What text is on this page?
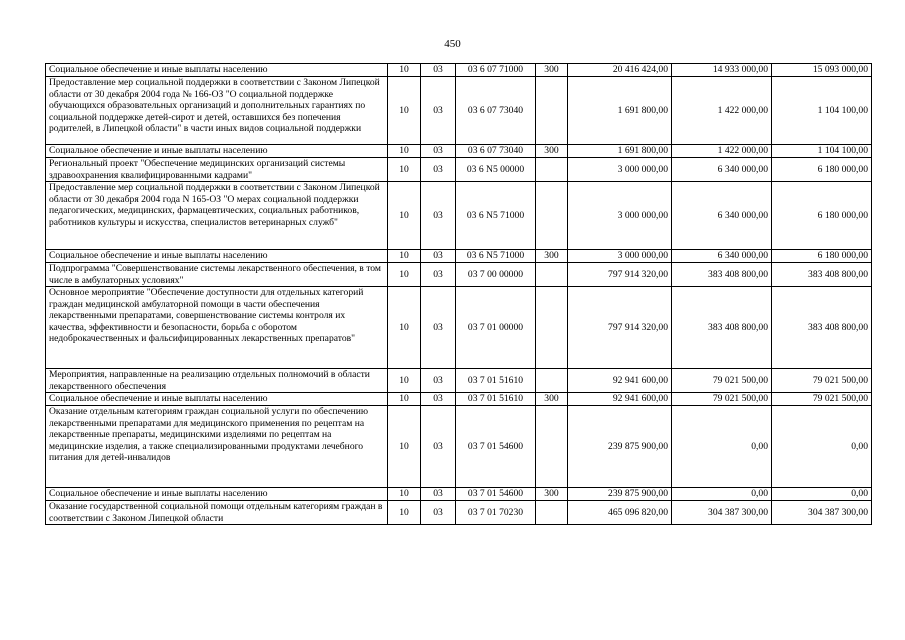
450
Социальное обеспечение и иные выплаты населению	10	03	03 6 07 71000	300	20 416 424,00	14 933 000,00	15 093 000,00
Предоставление мер социальной поддержки в соответствии с Законом Липецкой области от 30 декабря 2004 года № 166-ОЗ "О социальной поддержке обучающихся образовательных организаций и дополнительных гарантиях по социальной поддержке детей-сирот и детей, оставшихся без попечения родителей, в Липецкой области" в части иных видов социальной поддержки	10	03	03 6 07 73040		1 691 800,00	1 422 000,00	1 104 100,00
Социальное обеспечение и иные выплаты населению	10	03	03 6 07 73040	300	1 691 800,00	1 422 000,00	1 104 100,00
Региональный проект "Обеспечение медицинских организаций системы здравоохранения квалифицированными кадрами"	10	03	03 6 N5 00000		3 000 000,00	6 340 000,00	6 180 000,00
Предоставление мер социальной поддержки в соответствии с Законом Липецкой области от 30 декабря 2004 года N 165-ОЗ "О мерах социальной поддержки педагогических, медицинских, фармацевтических, социальных работников, работников культуры и искусства, специалистов ветеринарных служб"	10	03	03 6 N5 71000		3 000 000,00	6 340 000,00	6 180 000,00
Социальное обеспечение и иные выплаты населению	10	03	03 6 N5 71000	300	3 000 000,00	6 340 000,00	6 180 000,00
Подпрограмма "Совершенствование системы лекарственного обеспечения, в том числе в амбулаторных условиях"	10	03	03 7 00 00000		797 914 320,00	383 408 800,00	383 408 800,00
Основное мероприятие "Обеспечение доступности для отдельных категорий граждан медицинской амбулаторной помощи в части обеспечения лекарственными препаратами, совершенствование системы контроля их качества, эффективности и безопасности, борьба с оборотом недоброкачественных и фальсифицированных лекарственных препаратов"	10	03	03 7 01 00000		797 914 320,00	383 408 800,00	383 408 800,00
Мероприятия, направленные на реализацию отдельных полномочий в области лекарственного обеспечения	10	03	03 7 01 51610		92 941 600,00	79 021 500,00	79 021 500,00
Социальное обеспечение и иные выплаты населению	10	03	03 7 01 51610	300	92 941 600,00	79 021 500,00	79 021 500,00
Оказание отдельным категориям граждан социальной услуги по обеспечению лекарственными препаратами для медицинского применения по рецептам на лекарственные препараты, медицинскими изделиями по рецептам на медицинские изделия, а также специализированными продуктами лечебного питания для детей-инвалидов	10	03	03 7 01 54600		239 875 900,00	0,00	0,00
Социальное обеспечение и иные выплаты населению	10	03	03 7 01 54600	300	239 875 900,00	0,00	0,00
Оказание государственной социальной помощи отдельным категориям граждан в соответствии с Законом Липецкой области	10	03	03 7 01 70230		465 096 820,00	304 387 300,00	304 387 300,00
